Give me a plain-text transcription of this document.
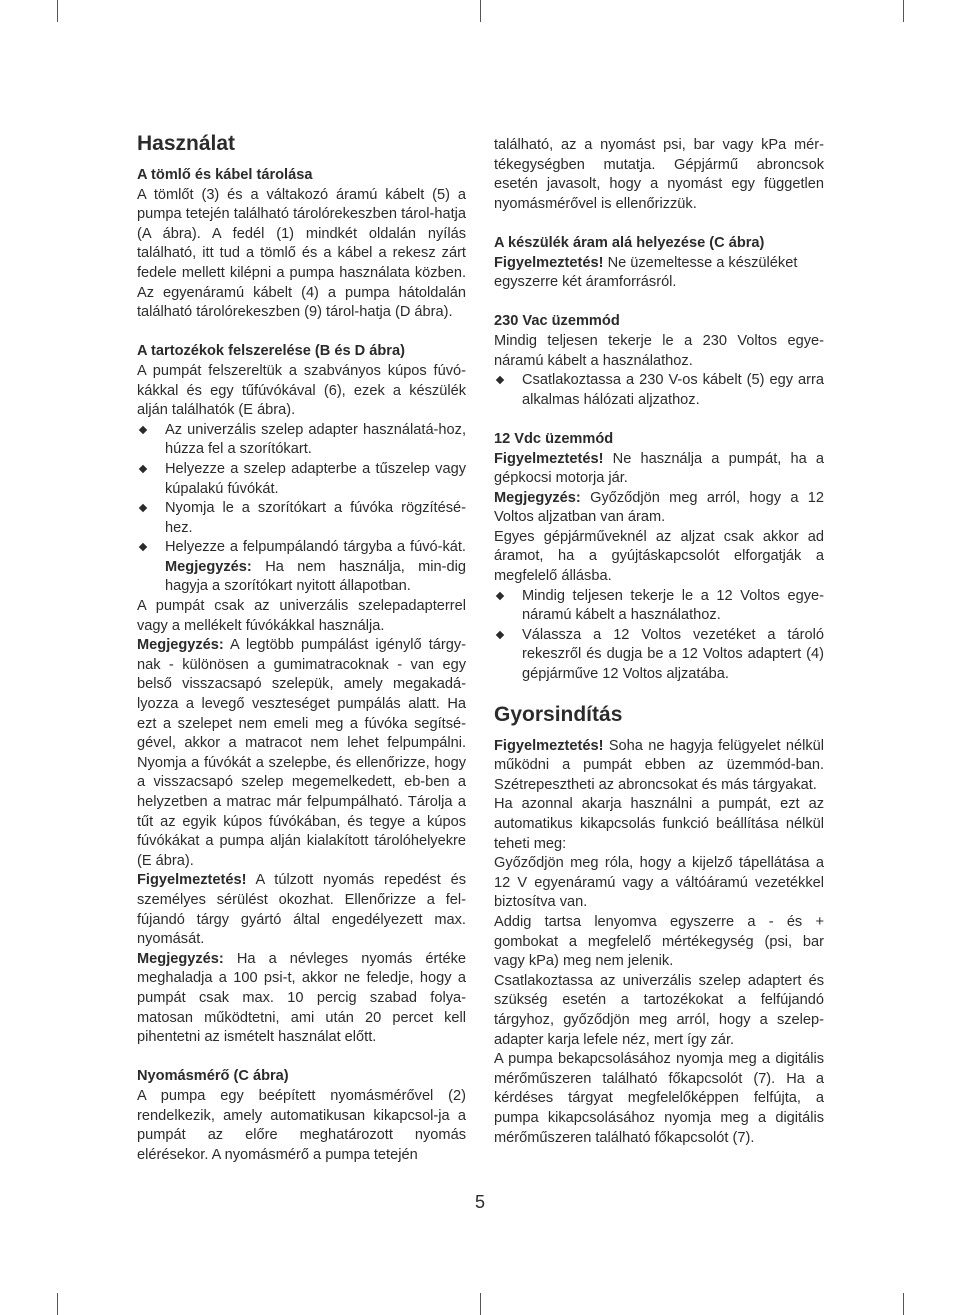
Használat
A tömlő és kábel tárolása

A tömlőt (3) és a váltakozó áramú kábelt (5) a pumpa tetején található tárolórekeszben tárol-hatja (A ábra). A fedél (1) mindkét oldalán nyílás található, itt tud a tömlő és a kábel a rekesz zárt fedele mellett kilépni a pumpa használata közben. Az egyenáramú kábelt (4) a pumpa hátoldalán található tárolórekeszben (9) tárol-hatja (D ábra).

A tartozékok felszerelése (B és D ábra)

A pumpát felszereltük a szabványos kúpos fúvó-kákkal és egy tűfúvókával (6), ezek a készülék alján találhatók (E ábra).

Az univerzális szelep adapter használatá-hoz, húzza fel a szorítókart.
Helyezze a szelep adapterbe a tűszelep vagy kúpalakú fúvókát.
Nyomja le a szorítókart a fúvóka rögzítésé-hez.
Helyezze a felpumpálandó tárgyba a fúvó-kát. Megjegyzés: Ha nem használja, min-dig hagyja a szorítókart nyitott állapotban.

A pumpát csak az univerzális szelepadapterrel vagy a mellékelt fúvókákkal használja.

Megjegyzés: A legtöbb pumpálást igénylő tárgy-nak - különösen a gumimatracoknak - van egy belső visszacsapó szelepük, amely megakadá-lyozza a levegő veszteséget pumpálás alatt. Ha ezt a szelepet nem emeli meg a fúvóka segítsé-gével, akkor a matracot nem lehet felpumpálni. Nyomja a fúvókát a szelepbe, és ellenőrizze, hogy a visszacsapó szelep megemelkedett, eb-ben a helyzetben a matrac már felpumpálható. Tárolja a tűt az egyik kúpos fúvókában, és tegye a kúpos fúvókákat a pumpa alján kialakított tárolóhelyekre (E ábra).

Figyelmeztetés! A túlzott nyomás repedést és személyes sérülést okozhat. Ellenőrizze a fel-fújandó tárgy gyártó által engedélyezett max. nyomását.

Megjegyzés: Ha a névleges nyomás értéke meghaladja a 100 psi-t, akkor ne feledje, hogy a pumpát csak max. 10 percig szabad folya-matosan működtetni, ami után 20 percet kell pihentetni az ismételt használat előtt.

Nyomásmérő (C ábra)

A pumpa egy beépített nyomásmérővel (2) rendelkezik, amely automatikusan kikapcsol-ja a pumpát az előre meghatározott nyomás elérésekor. A nyomásmérő a pumpa tetején

található, az a nyomást psi, bar vagy kPa mér-tékegységben mutatja. Gépjármű abroncsok esetén javasolt, hogy a nyomást egy független nyomásmérővel is ellenőrizzük.

A készülék áram alá helyezése (C ábra)

Figyelmeztetés! Ne üzemeltesse a készüléket egyszerre két áramforrásról.

230 Vac üzemmód

Mindig teljesen tekerje le a 230 Voltos egye-náramú kábelt a használathoz.

Csatlakoztassa a 230 V-os kábelt (5) egy arra alkalmas hálózati aljzathoz.
12 Vdc üzemmód

Figyelmeztetés! Ne használja a pumpát, ha a gépkocsi motorja jár.

Megjegyzés: Győződjön meg arról, hogy a 12 Voltos aljzatban van áram.

Egyes gépjárműveknél az aljzat csak akkor ad áramot, ha a gyújtáskapcsolót elforgatják a megfelelő állásba.

Mindig teljesen tekerje le a 12 Voltos egye-náramú kábelt a használathoz.
Válassza a 12 Voltos vezetéket a tároló rekeszről és dugja be a 12 Voltos adaptert (4) gépjárműve 12 Voltos aljzatába.
Gyorsindítás

Figyelmeztetés! Soha ne hagyja felügyelet nélkül működni a pumpát ebben az üzemmód-ban. Szétrepesztheti az abroncsokat és más tárgyakat.

Ha azonnal akarja használni a pumpát, ezt az automatikus kikapcsolás funkció beállítása nélkül teheti meg:

Győződjön meg róla, hogy a kijelző tápellátása a 12 V egyenáramú vagy a váltóáramú vezetékkel biztosítva van.

Addig tartsa lenyomva egyszerre a - és + gombokat a megfelelő mértékegység (psi, bar vagy kPa) meg nem jelenik.

Csatlakoztassa az univerzális szelep adaptert és szükség esetén a tartozékokat a felfújandó tárgyhoz, győződjön meg arról, hogy a szelep-adapter karja lefele néz, mert így zár.

A pumpa bekapcsolásához nyomja meg a digitális mérőműszeren található főkapcsolót (7). Ha a kérdéses tárgyat megfelelőképpen felfújta, a pumpa kikapcsolásához nyomja meg a digitális mérőműszeren található főkapcsolót (7).

5
